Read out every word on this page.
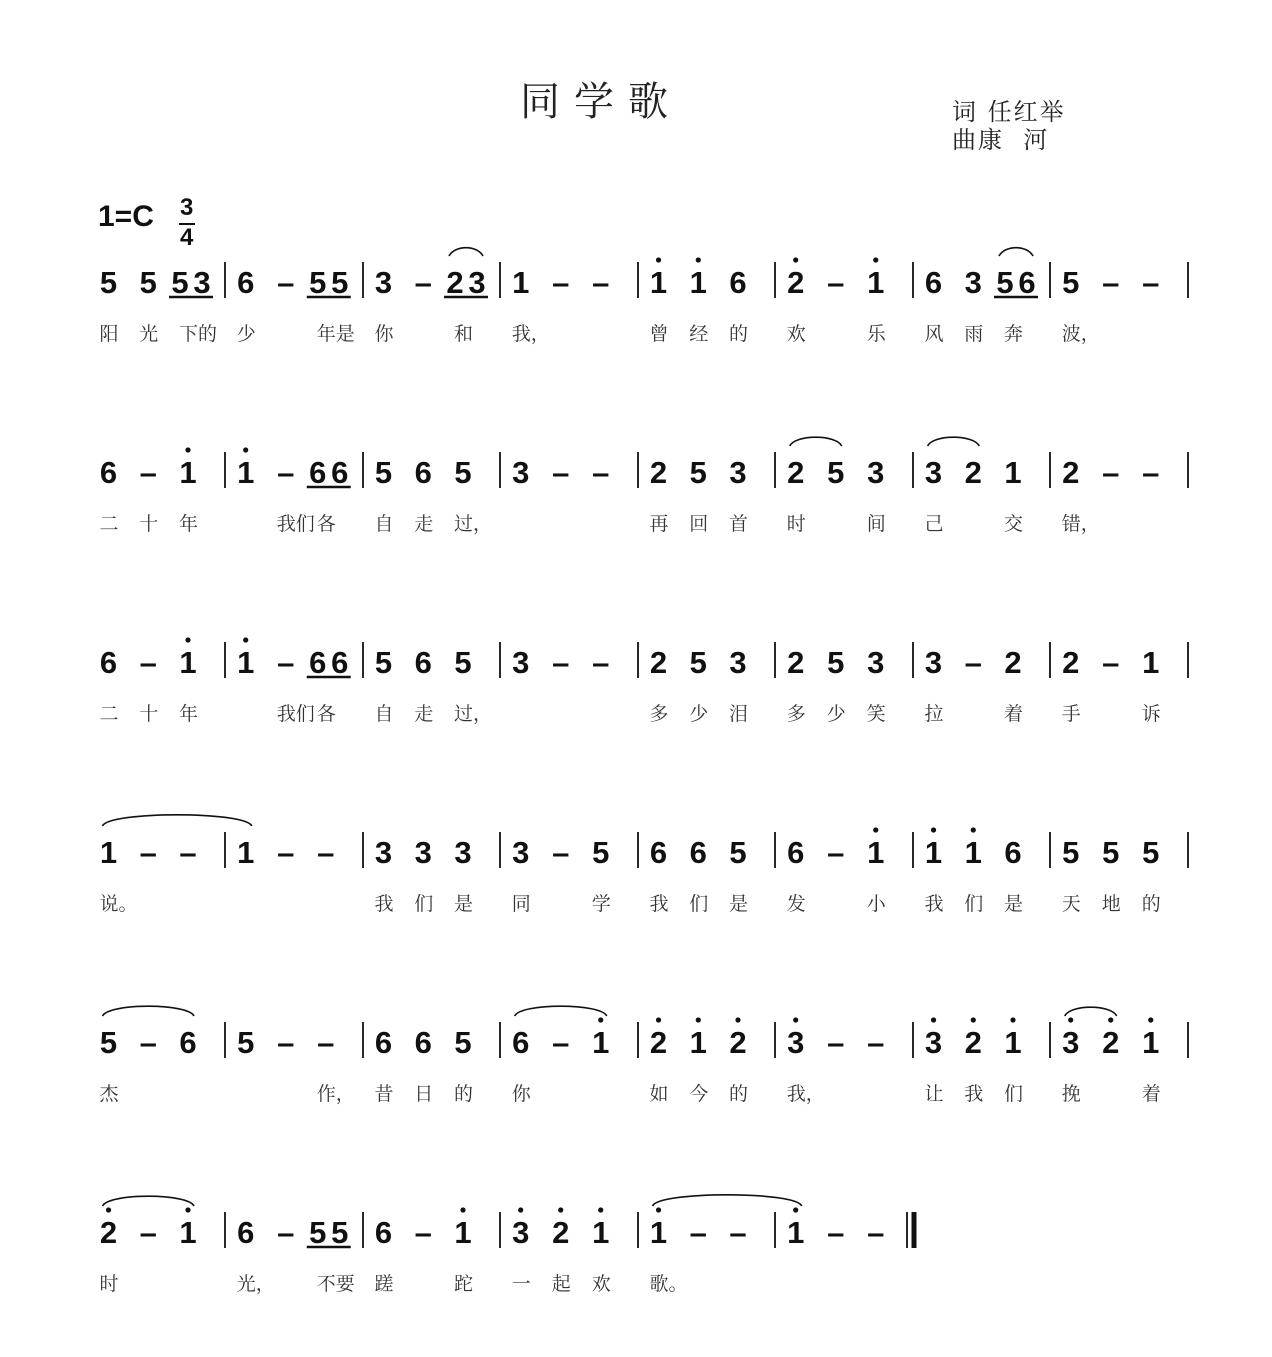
同学歌	词 任红举
曲康  河
1=C 3
4
5 5 5 3 6 – 5 5 3 – 2 3 1 – – 1 1 6 2 – 1 6 3 5 6 5 – –
阳 光 下的 少	年是 你	和 我，	曾 经 的 欢	乐 风 雨 奔 波，
6 – 1 1 – 6 6 5 6 5 3 – – 2 5 3 2 5 3 3 2 1 2 – –
二 十 年	我们 各 自 走 过，	再 回 首 时	间 己	交 错，
6 – 1 1 – 6 6 5 6 5 3 – – 2 5 3 2 5 3 3 – 2 2 – 1
二 十 年	我们 各 自 走 过，	多 少 泪 多 少 笑 拉	着 手	诉
1 – – 1 – – 3 3 3 3 – 5 6 6 5 6 – 1 1 1 6 5 5 5
说。	我 们 是 同	学 我 们 是 发	小 我 们 是 天 地 的
5 – 6 5 – – 6 6 5 6 – 1 2 1 2 3 – – 3 2 1 3 2 1
杰	作， 昔 日 的 你	如 今 的 我，	让 我 们 挽	着
2 – 1 6 – 5 5 6 – 1 3 2 1 1 – – 1 – –
时	光， 不要 蹉	跎 一 起 欢 歌。
